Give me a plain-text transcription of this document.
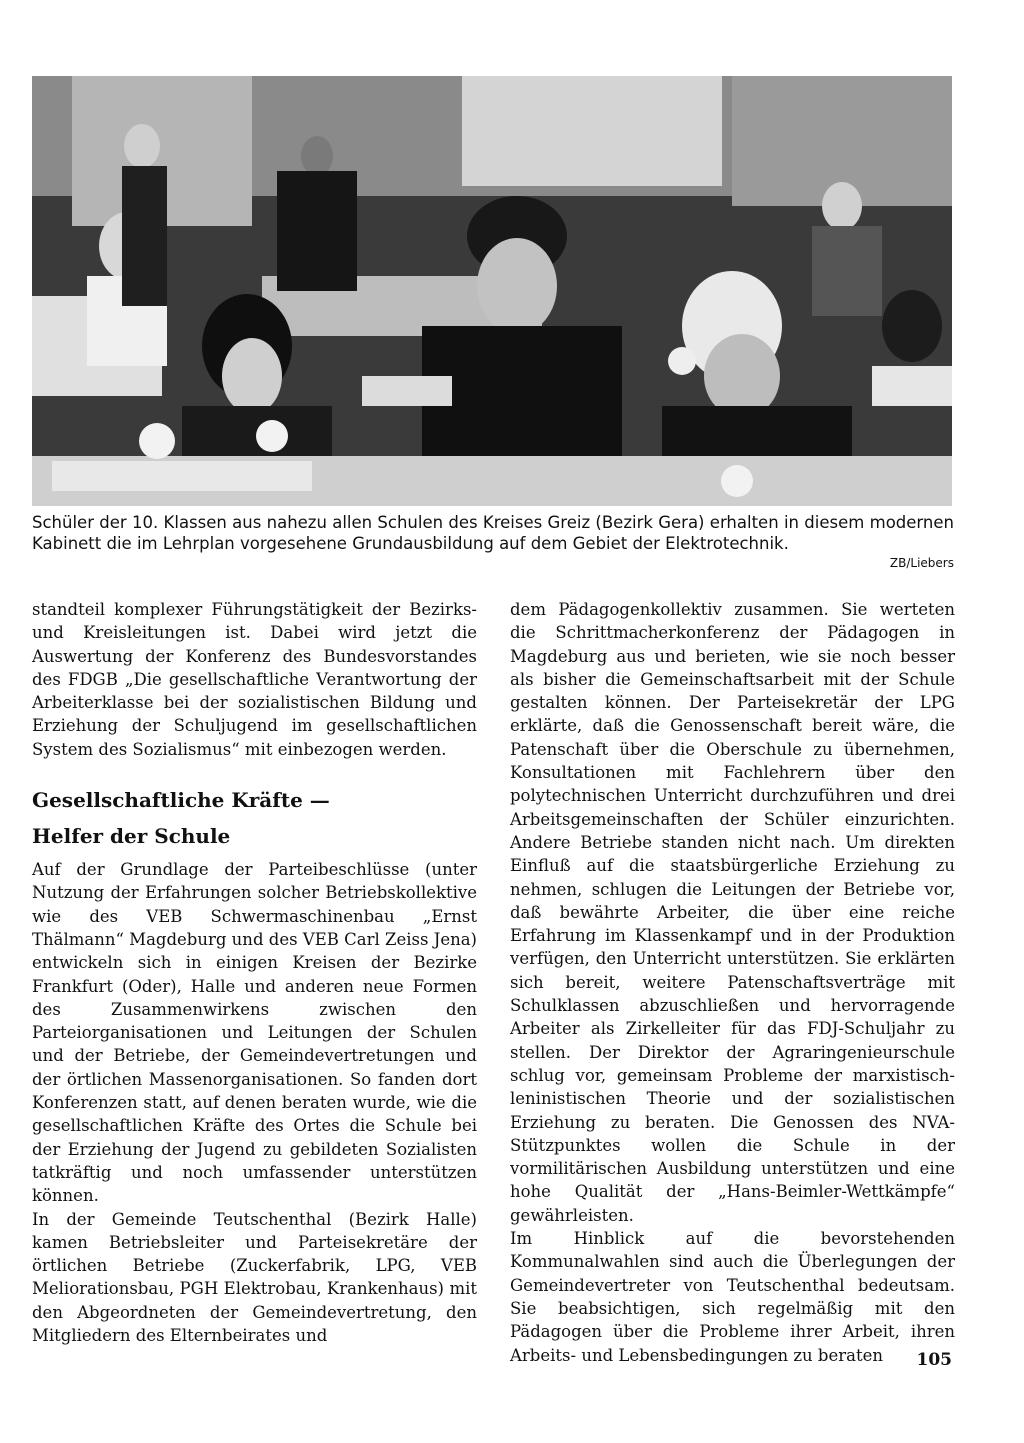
Schüler der 10. Klassen aus nahezu allen Schulen des Kreises Greiz (Bezirk Gera) erhalten in diesem modernen Kabinett die im Lehrplan vorgesehene Grundausbildung auf dem Gebiet der Elektrotechnik.

ZB/Liebers

standteil komplexer Führungstätigkeit der Bezirks- und Kreisleitungen ist. Dabei wird jetzt die Auswertung der Konferenz des Bundesvorstandes des FDGB „Die gesellschaftliche Verantwortung der Arbeiterklasse bei der sozialistischen Bildung und Erziehung der Schuljugend im gesellschaftlichen System des Sozialismus“ mit einbezogen werden.

Gesellschaftliche Kräfte —
Helfer der Schule

Auf der Grundlage der Parteibeschlüsse (unter Nutzung der Erfahrungen solcher Betriebskollektive wie des VEB Schwermaschinenbau „Ernst Thälmann“ Magdeburg und des VEB Carl Zeiss Jena) entwickeln sich in einigen Kreisen der Bezirke Frankfurt (Oder), Halle und anderen neue Formen des Zusammenwirkens zwischen den Parteiorganisationen und Leitungen der Schulen und der Betriebe, der Gemeindevertretungen und der örtlichen Massenorganisationen. So fanden dort Konferenzen statt, auf denen beraten wurde, wie die gesellschaftlichen Kräfte des Ortes die Schule bei der Erziehung der Jugend zu gebildeten Sozialisten tatkräftig und noch umfassender unterstützen können.

In der Gemeinde Teutschenthal (Bezirk Halle) kamen Betriebsleiter und Parteisekretäre der örtlichen Betriebe (Zuckerfabrik, LPG, VEB Meliorationsbau, PGH Elektrobau, Krankenhaus) mit den Abgeordneten der Gemeindevertretung, den Mitgliedern des Elternbeirates und

dem Pädagogenkollektiv zusammen. Sie werteten die Schrittmacherkonferenz der Pädagogen in Magdeburg aus und berieten, wie sie noch besser als bisher die Gemeinschaftsarbeit mit der Schule gestalten können. Der Parteisekretär der LPG erklärte, daß die Genossenschaft bereit wäre, die Patenschaft über die Oberschule zu übernehmen, Konsultationen mit Fachlehrern über den polytechnischen Unterricht durchzuführen und drei Arbeitsgemeinschaften der Schüler einzurichten. Andere Betriebe standen nicht nach. Um direkten Einfluß auf die staatsbürgerliche Erziehung zu nehmen, schlugen die Leitungen der Betriebe vor, daß bewährte Arbeiter, die über eine reiche Erfahrung im Klassenkampf und in der Produktion verfügen, den Unterricht unterstützen. Sie erklärten sich bereit, weitere Patenschaftsverträge mit Schulklassen abzuschließen und hervorragende Arbeiter als Zirkelleiter für das FDJ-Schuljahr zu stellen. Der Direktor der Agraringenieurschule schlug vor, gemeinsam Probleme der marxistisch-leninistischen Theorie und der sozialistischen Erziehung zu beraten. Die Genossen des NVA-Stützpunktes wollen die Schule in der vormilitärischen Ausbildung unterstützen und eine hohe Qualität der „Hans-Beimler-Wettkämpfe“ gewährleisten.

Im Hinblick auf die bevorstehenden Kommunalwahlen sind auch die Überlegungen der Gemeindevertreter von Teutschenthal bedeutsam. Sie beabsichtigen, sich regelmäßig mit den Pädagogen über die Probleme ihrer Arbeit, ihren Arbeits- und Lebensbedingungen zu beraten	105
